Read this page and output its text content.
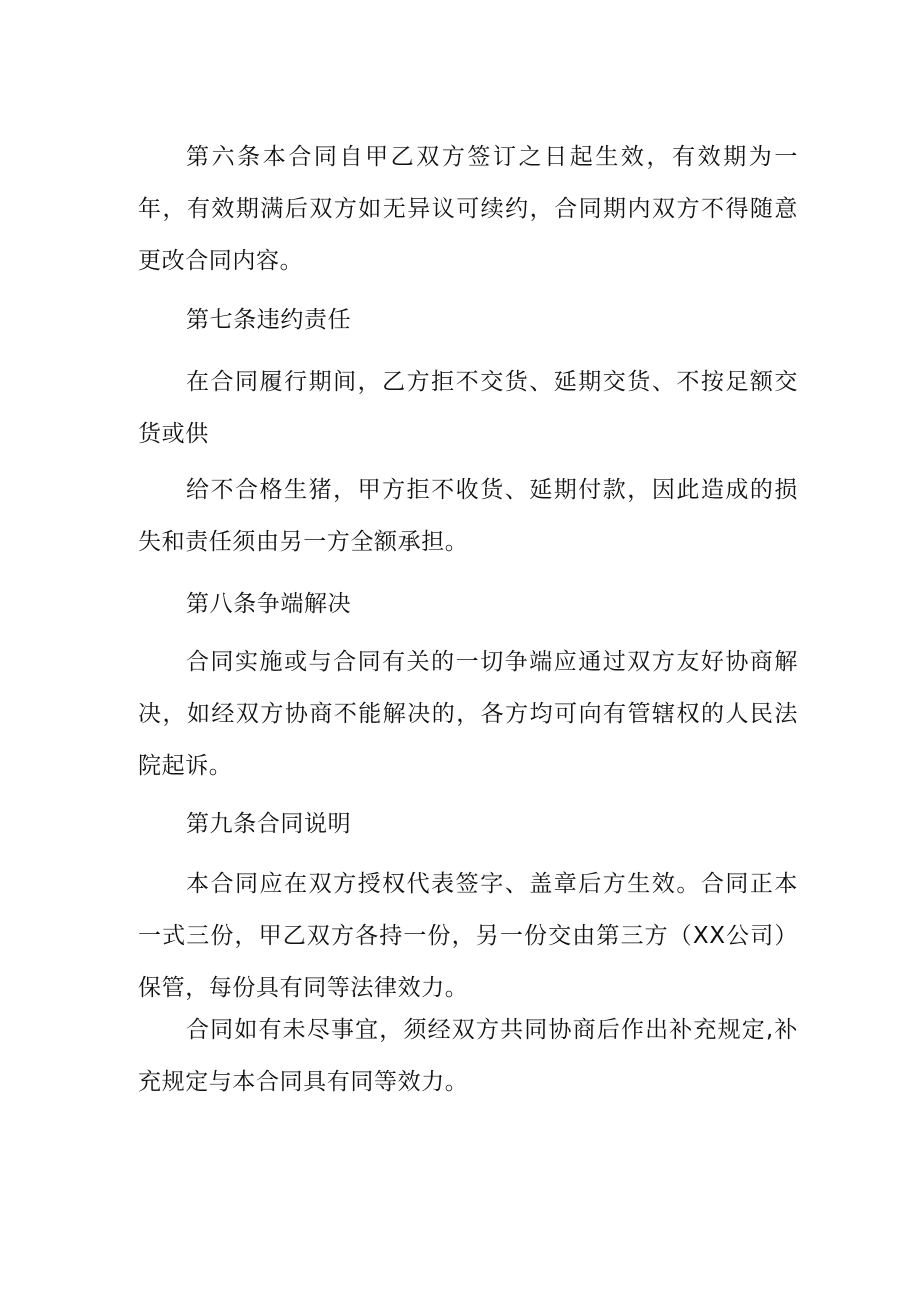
第六条本合同自甲乙双方签订之日起生效，有效期为一年，有效期满后双方如无异议可续约，合同期内双方不得随意更改合同内容。

第七条违约责任

在合同履行期间，乙方拒不交货、延期交货、不按足额交货或供

给不合格生猪，甲方拒不收货、延期付款，因此造成的损失和责任须由另一方全额承担。

第八条争端解决

合同实施或与合同有关的一切争端应通过双方友好协商解决，如经双方协商不能解决的，各方均可向有管辖权的人民法院起诉。

第九条合同说明

本合同应在双方授权代表签字、盖章后方生效。合同正本一式三份，甲乙双方各持一份，另一份交由第三方（XX公司）保管，每份具有同等法律效力。

合同如有未尽事宜，须经双方共同协商后作出补充规定,补充规定与本合同具有同等效力。
